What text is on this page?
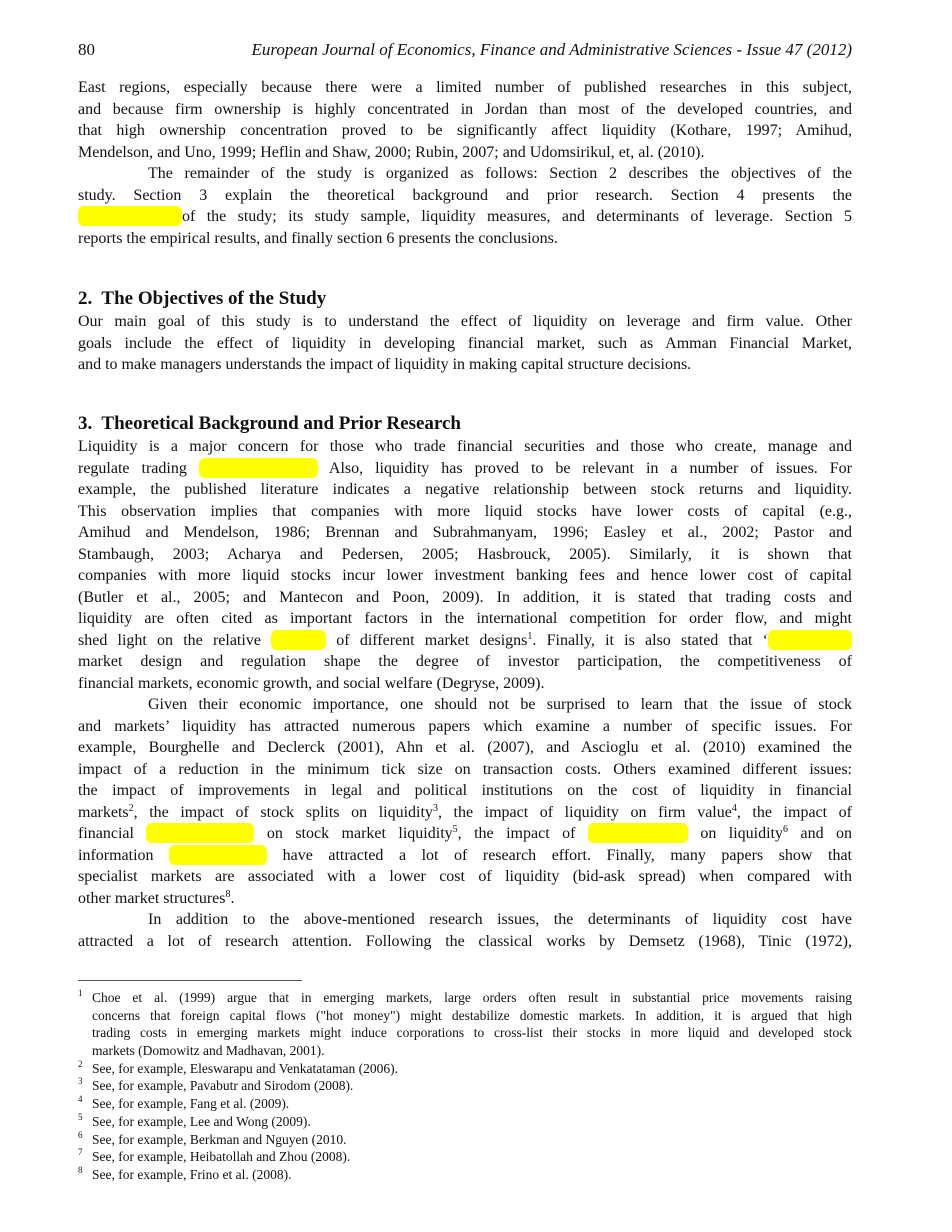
80	European Journal of Economics, Finance and Administrative Sciences - Issue 47 (2012)
East regions, especially because there were a limited number of published researches in this subject,
and because firm ownership is highly concentrated in Jordan than most of the developed countries, and
that high ownership concentration proved to be significantly affect liquidity (Kothare, 1997; Amihud,
Mendelson, and Uno, 1999; Heflin and Shaw, 2000; Rubin, 2007; and Udomsirikul, et, al. (2010).
The remainder of the study is organized as follows: Section 2 describes the objectives of the
study. Section 3 explain the theoretical background and prior research. Section 4 presents the
of the study; its study sample, liquidity measures, and determinants of leverage. Section 5
reports the empirical results, and finally section 6 presents the conclusions.
2.  The Objectives of the Study
Our main goal of this study is to understand the effect of liquidity on leverage and firm value. Other
goals include the effect of liquidity in developing financial market, such as Amman Financial Market,
and to make managers understands the impact of liquidity in making capital structure decisions.
3.  Theoretical Background and Prior Research
Liquidity is a major concern for those who trade financial securities and those who create, manage and
regulate trading	Also, liquidity has proved to be relevant in a number of issues. For
example, the published literature indicates a negative relationship between stock returns and liquidity.
This observation implies that companies with more liquid stocks have lower costs of capital (e.g.,
Amihud and Mendelson, 1986; Brennan and Subrahmanyam, 1996; Easley et al., 2002; Pastor and
Stambaugh, 2003; Acharya and Pedersen, 2005; Hasbrouck, 2005). Similarly, it is shown that
companies with more liquid stocks incur lower investment banking fees and hence lower cost of capital
(Butler et al., 2005; and Mantecon and Poon, 2009). In addition, it is stated that trading costs and
liquidity are often cited as important factors in the international competition for order flow, and might
shed light on the relative	of different market designs$^1$. Finally, it is also stated that ‘
market design and regulation shape the degree of investor participation, the competitiveness of
financial markets, economic growth, and social welfare (Degryse, 2009).
Given their economic importance, one should not be surprised to learn that the issue of stock
and markets’ liquidity has attracted numerous papers which examine a number of specific issues. For
example, Bourghelle and Declerck (2001), Ahn et al. (2007), and Ascioglu et al. (2010) examined the
impact of a reduction in the minimum tick size on transaction costs. Others examined different issues:
the impact of improvements in legal and political institutions on the cost of liquidity in financial
markets$^2$, the impact of stock splits on liquidity$^3$, the impact of liquidity on firm value$^4$, the impact of
financial	on stock market liquidity$^5$, the impact of	on liquidity$^6$ and on
information	have attracted a lot of research effort. Finally, many papers show that
specialist markets are associated with a lower cost of liquidity (bid-ask spread) when compared with
other market structures$^8$.
In addition to the above-mentioned research issues, the determinants of liquidity cost have
attracted a lot of research attention. Following the classical works by Demsetz (1968), Tinic (1972),
1 Choe et al. (1999) argue that in emerging markets, large orders often result in substantial price movements raising
concerns that foreign capital flows ("hot money") might destabilize domestic markets. In addition, it is argued that high
trading costs in emerging markets might induce corporations to cross-list their stocks in more liquid and developed stock
markets (Domowitz and Madhavan, 2001).
2 See, for example, Eleswarapu and Venkatataman (2006).
3 See, for example, Pavabutr and Sirodom (2008).
4 See, for example, Fang et al. (2009).
5 See, for example, Lee and Wong (2009).
6 See, for example, Berkman and Nguyen (2010.
7 See, for example, Heibatollah and Zhou (2008).
8 See, for example, Frino et al. (2008).
